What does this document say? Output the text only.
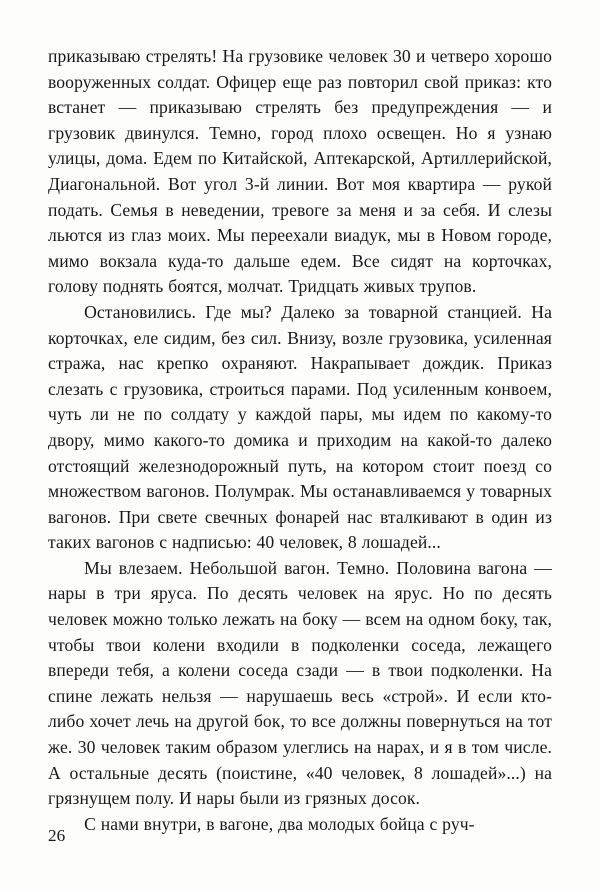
приказываю стрелять! На грузовике человек 30 и четверо хорошо вооруженных солдат. Офицер еще раз повторил свой приказ: кто встанет — приказываю стрелять без предупреждения — и грузовик двинулся. Темно, город плохо освещен. Но я узнаю улицы, дома. Едем по Китайской, Аптекарской, Артиллерийской, Диагональной. Вот угол 3-й линии. Вот моя квартира — рукой подать. Семья в неведении, тревоге за меня и за себя. И слезы льются из глаз моих. Мы переехали виадук, мы в Новом городе, мимо вокзала куда-то дальше едем. Все сидят на корточках, голову поднять боятся, молчат. Тридцать живых трупов.

Остановились. Где мы? Далеко за товарной станцией. На корточках, еле сидим, без сил. Внизу, возле грузовика, усиленная стража, нас крепко охраняют. Накрапывает дождик. Приказ слезать с грузовика, строиться парами. Под усиленным конвоем, чуть ли не по солдату у каждой пары, мы идем по какому-то двору, мимо какого-то домика и приходим на какой-то далеко отстоящий железнодорожный путь, на котором стоит поезд со множеством вагонов. Полумрак. Мы останавливаемся у товарных вагонов. При свете свечных фонарей нас вталкивают в один из таких вагонов с надписью: 40 человек, 8 лошадей...

Мы влезаем. Небольшой вагон. Темно. Половина вагона — нары в три яруса. По десять человек на ярус. Но по десять человек можно только лежать на боку — всем на одном боку, так, чтобы твои колени входили в подколенки соседа, лежащего впереди тебя, а колени соседа сзади — в твои подколенки. На спине лежать нельзя — нарушаешь весь «строй». И если кто-либо хочет лечь на другой бок, то все должны повернуться на тот же. 30 человек таким образом улеглись на нарах, и я в том числе. А остальные десять (поистине, «40 человек, 8 лошадей»...) на грязнущем полу. И нары были из грязных досок.

С нами внутри, в вагоне, два молодых бойца с руч-

26
